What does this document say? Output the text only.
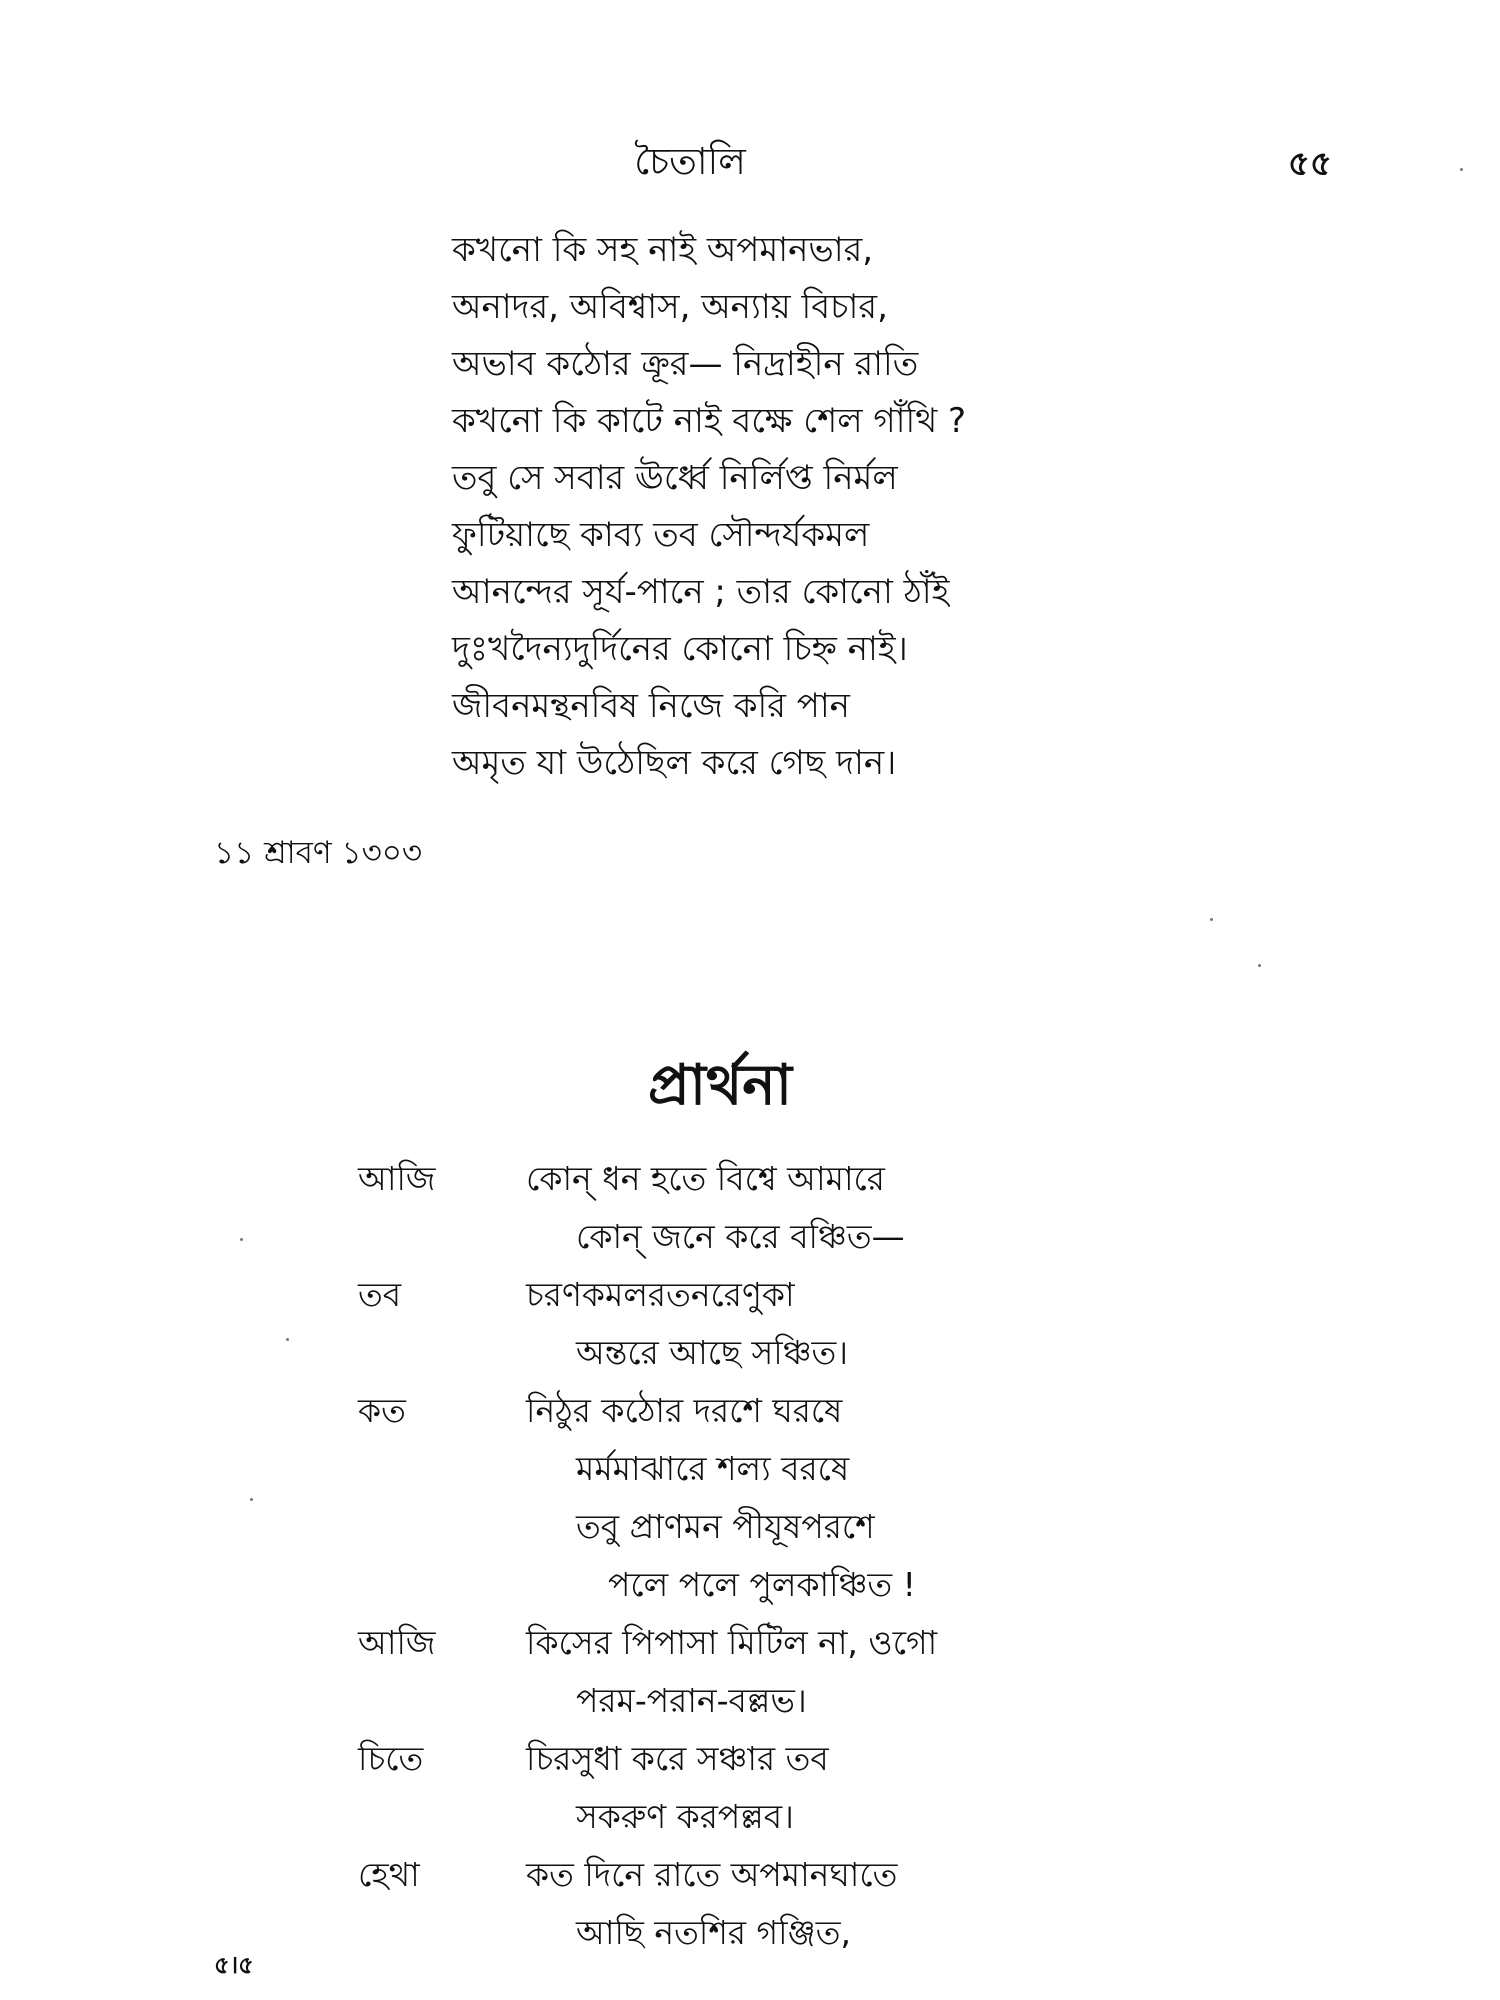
চৈতালি	৫৫
কখনো কি সহ নাই অপমানভার,
অনাদর, অবিশ্বাস, অন্যায় বিচার,
অভাব কঠোর ক্রূর— নিদ্রাহীন রাতি
কখনো কি কাটে নাই বক্ষে শেল গাঁথি ?
তবু সে সবার ঊর্ধ্বে নির্লিপ্ত নির্মল
ফুটিয়াছে কাব্য তব সৌন্দর্যকমল
আনন্দের সূর্য-পানে ; তার কোনো ঠাঁই
দুঃখদৈন্যদুর্দিনের কোনো চিহ্ন নাই।
জীবনমন্থনবিষ নিজে করি পান
অমৃত যা উঠেছিল করে গেছ দান।
১১ শ্রাবণ ১৩০৩
প্রার্থনা
আজি	কোন্ ধন হতে বিশ্বে আমারে
কোন্ জনে করে বঞ্চিত—
তব	চরণকমলরতনরেণুকা
অন্তরে আছে সঞ্চিত।
কত	নিঠুর কঠোর দরশে ঘরষে
মর্মমাঝারে শল্য বরষে
তবু প্রাণমন পীযূষপরশে
পলে পলে পুলকাঞ্চিত !
আজি	কিসের পিপাসা মিটিল না, ওগো
পরম-পরান-বল্লভ।
চিতে	চিরসুধা করে সঞ্চার তব
সকরুণ করপল্লব।
হেথা	কত দিনে রাতে অপমানঘাতে
আছি নতশির গঞ্জিত,
৫।৫
